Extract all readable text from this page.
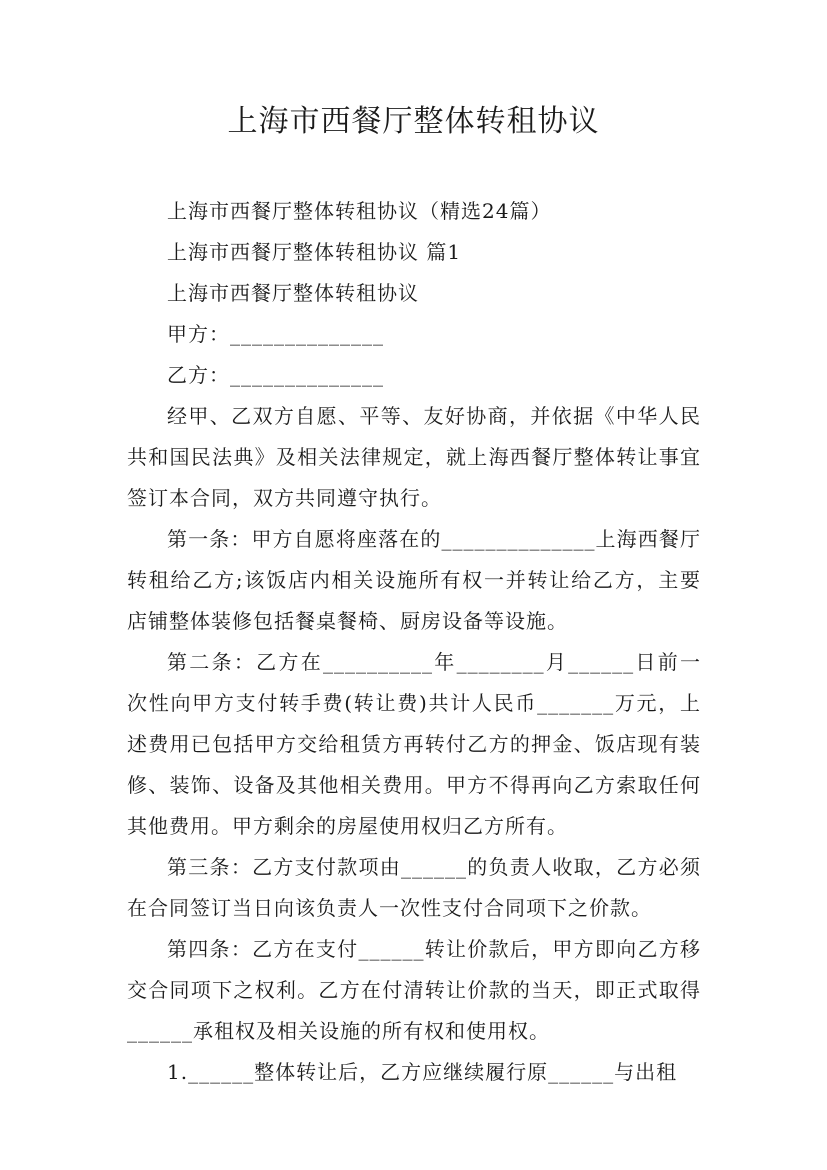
上海市西餐厅整体转租协议

上海市西餐厅整体转租协议（精选24篇）

上海市西餐厅整体转租协议 篇1

上海市西餐厅整体转租协议

甲方：______________

乙方：______________

经甲、乙双方自愿、平等、友好协商，并依据《中华人民共和国民法典》及相关法律规定，就上海西餐厅整体转让事宜签订本合同，双方共同遵守执行。

第一条：甲方自愿将座落在的______________上海西餐厅转租给乙方;该饭店内相关设施所有权一并转让给乙方，主要店铺整体装修包括餐桌餐椅、厨房设备等设施。

第二条：乙方在__________年________月______日前一次性向甲方支付转手费(转让费)共计人民币_______万元，上述费用已包括甲方交给租赁方再转付乙方的押金、饭店现有装修、装饰、设备及其他相关费用。甲方不得再向乙方索取任何其他费用。甲方剩余的房屋使用权归乙方所有。

第三条：乙方支付款项由______的负责人收取，乙方必须在合同签订当日向该负责人一次性支付合同项下之价款。

第四条：乙方在支付______转让价款后，甲方即向乙方移交合同项下之权利。乙方在付清转让价款的当天，即正式取得______承租权及相关设施的所有权和使用权。

1.______整体转让后，乙方应继续履行原______与出租
